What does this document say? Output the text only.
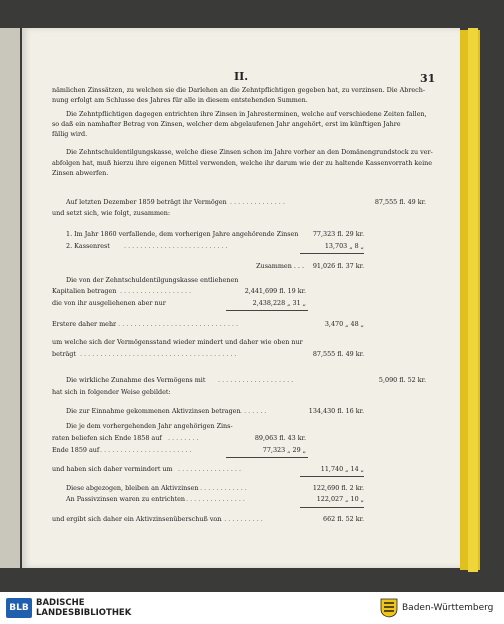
II.	31
nämlichen Zinssätzen, zu welchen sie die Darlehen an die Zehntpflichtigen gegeben hat, zu verzinsen. Die Abrech-
nung erfolgt am Schlusse des Jahres für alle in diesem entstehenden Summen.
Die Zehntpflichtigen dagegen entrichten ihre Zinsen in Jahresterminen, welche auf verschiedene Zeiten fallen,
so daß ein namhafter Betrag von Zinsen, welcher dem abgelaufenen Jahr angehört, erst im künftigen Jahre
fällig wird.
Die Zehntschuldentilgungskasse, welche diese Zinsen schon im Jahre vorher an den Domänengrundstock zu ver-
abfolgen hat, muß hierzu ihre eigenen Mittel verwenden, welche ihr darum wie der zu haltende Kassenvorrath keine
Zinsen abwerfen.
Auf letzten Dezember 1859 beträgt ihr Vermögen . . . . . . . . . . . . . .	87,555 fl. 49 kr.
und setzt sich, wie folgt, zusammen:
1. Im Jahr 1860 verfallende, dem vorherigen Jahre angehörende Zinsen 77,323 fl. 29 kr.
2. Kassenrest . . . . . . . . . . . . . . . . . . . . . . . . . .	13,703 „ 8 „
Zusammen . . . 91,026 fl. 37 kr.
Die von der Zehntschuldentilgungskasse entliehenen
Kapitalien betragen . . . . . . . . . . . . . . . . . .	2,441,699 fl. 19 kr.
die von ihr ausgeliehenen aber nur	2,438,228 „ 31 „
Erstere daher mehr
. . . . . . . . . . . . . . . . . . . . . . . . . . . . . . . .	3,470 „ 48 „
um welche sich der Vermögensstand wieder mindert und daher wie oben nur
beträgt . . . . . . . . . . . . . . . . . . . . . . . . . . . . . . . . . . . . . . .	87,555 fl. 49 kr.
Die wirkliche Zunahme des Vermögens mit . . . . . . . . . . . . . . . . . . .	5,090 fl. 52 kr.
hat sich in folgender Weise gebildet:
Die zur Einnahme gekommenen Aktivzinsen betragen . . . . . . .	134,430 fl. 16 kr.
Die je dem vorhergehenden Jahr angehörigen Zins-
raten beliefen sich Ende 1858 auf . . . . . . . .	89,063 fl. 43 kr.
Ende 1859 auf . . . . . . . . . . . . . . . . . . . . . . .	77,323 „ 29 „
und haben sich daher vermindert um . . . . . . . . . . . . . . . .	11,740 „ 14 „
Diese abgezogen, bleiben an Aktivzinsen
. . . . . . . . . . . . .	122,690 fl. 2 kr.
An Passivzinsen waren zu entrichten . . . . . . . . . . . . . . .	122,027 „ 10 „
und ergibt sich daher ein Aktivzinsenüberschuß von
. . . . . . . . . . . . .	662 fl. 52 kr.
BLB BADISCHE
LANDESBIBLIOTHEK	Baden-Württemberg
